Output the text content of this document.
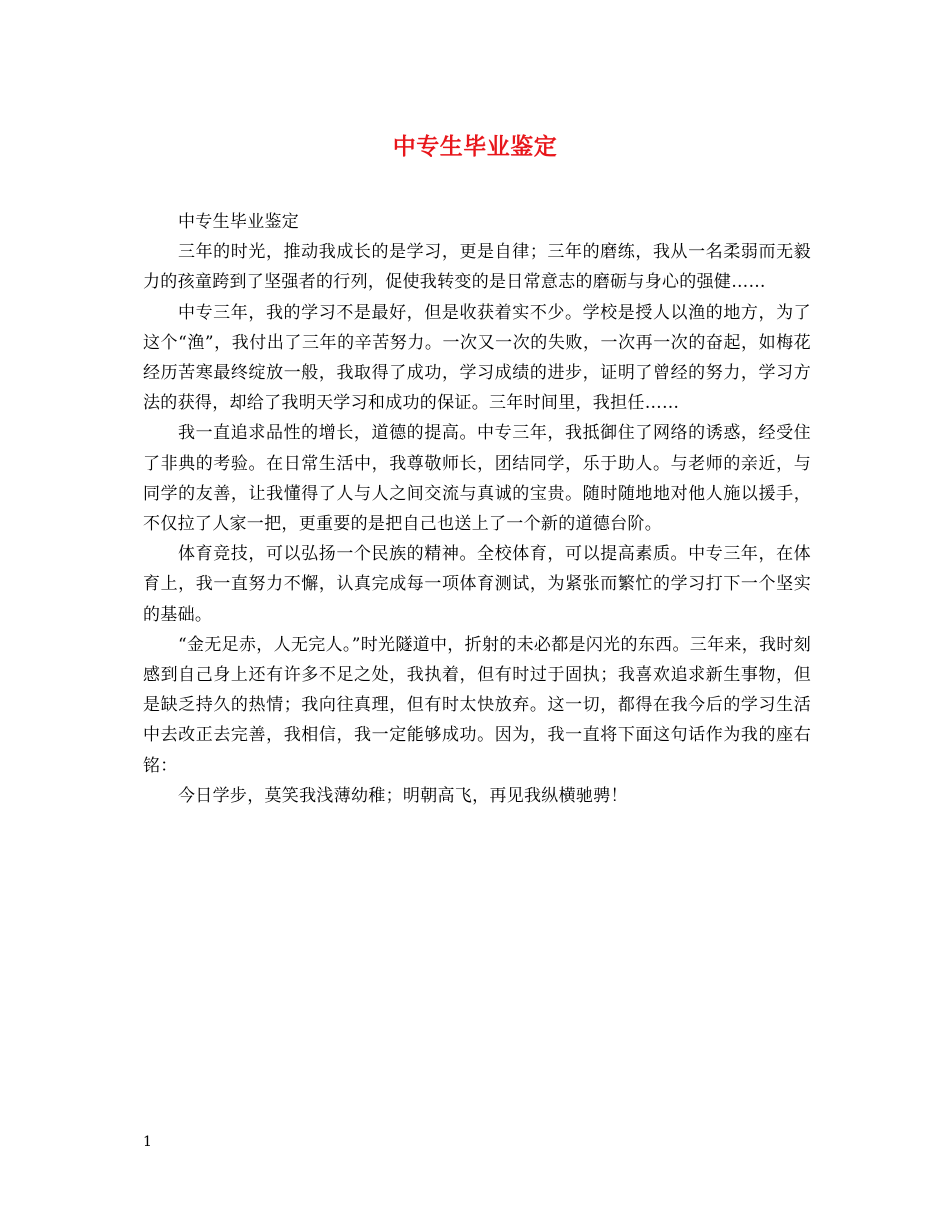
中专生毕业鉴定

中专生毕业鉴定

三年的时光，推动我成长的是学习，更是自律；三年的磨练，我从一名柔弱而无毅力的孩童跨到了坚强者的行列，促使我转变的是日常意志的磨砺与身心的强健……

中专三年，我的学习不是最好，但是收获着实不少。学校是授人以渔的地方，为了这个“渔”，我付出了三年的辛苦努力。一次又一次的失败，一次再一次的奋起，如梅花经历苦寒最终绽放一般，我取得了成功，学习成绩的进步，证明了曾经的努力，学习方法的获得，却给了我明天学习和成功的保证。三年时间里，我担任……

我一直追求品性的增长，道德的提高。中专三年，我抵御住了网络的诱惑，经受住了非典的考验。在日常生活中，我尊敬师长，团结同学，乐于助人。与老师的亲近，与同学的友善，让我懂得了人与人之间交流与真诚的宝贵。随时随地地对他人施以援手，不仅拉了人家一把，更重要的是把自己也送上了一个新的道德台阶。

体育竞技，可以弘扬一个民族的精神。全校体育，可以提高素质。中专三年，在体育上，我一直努力不懈，认真完成每一项体育测试，为紧张而繁忙的学习打下一个坚实的基础。

“金无足赤，人无完人。”时光隧道中，折射的未必都是闪光的东西。三年来，我时刻感到自己身上还有许多不足之处，我执着，但有时过于固执；我喜欢追求新生事物，但是缺乏持久的热情；我向往真理，但有时太快放弃。这一切，都得在我今后的学习生活中去改正去完善，我相信，我一定能够成功。因为，我一直将下面这句话作为我的座右铭：

今日学步，莫笑我浅薄幼稚；明朝高飞，再见我纵横驰骋！

1
